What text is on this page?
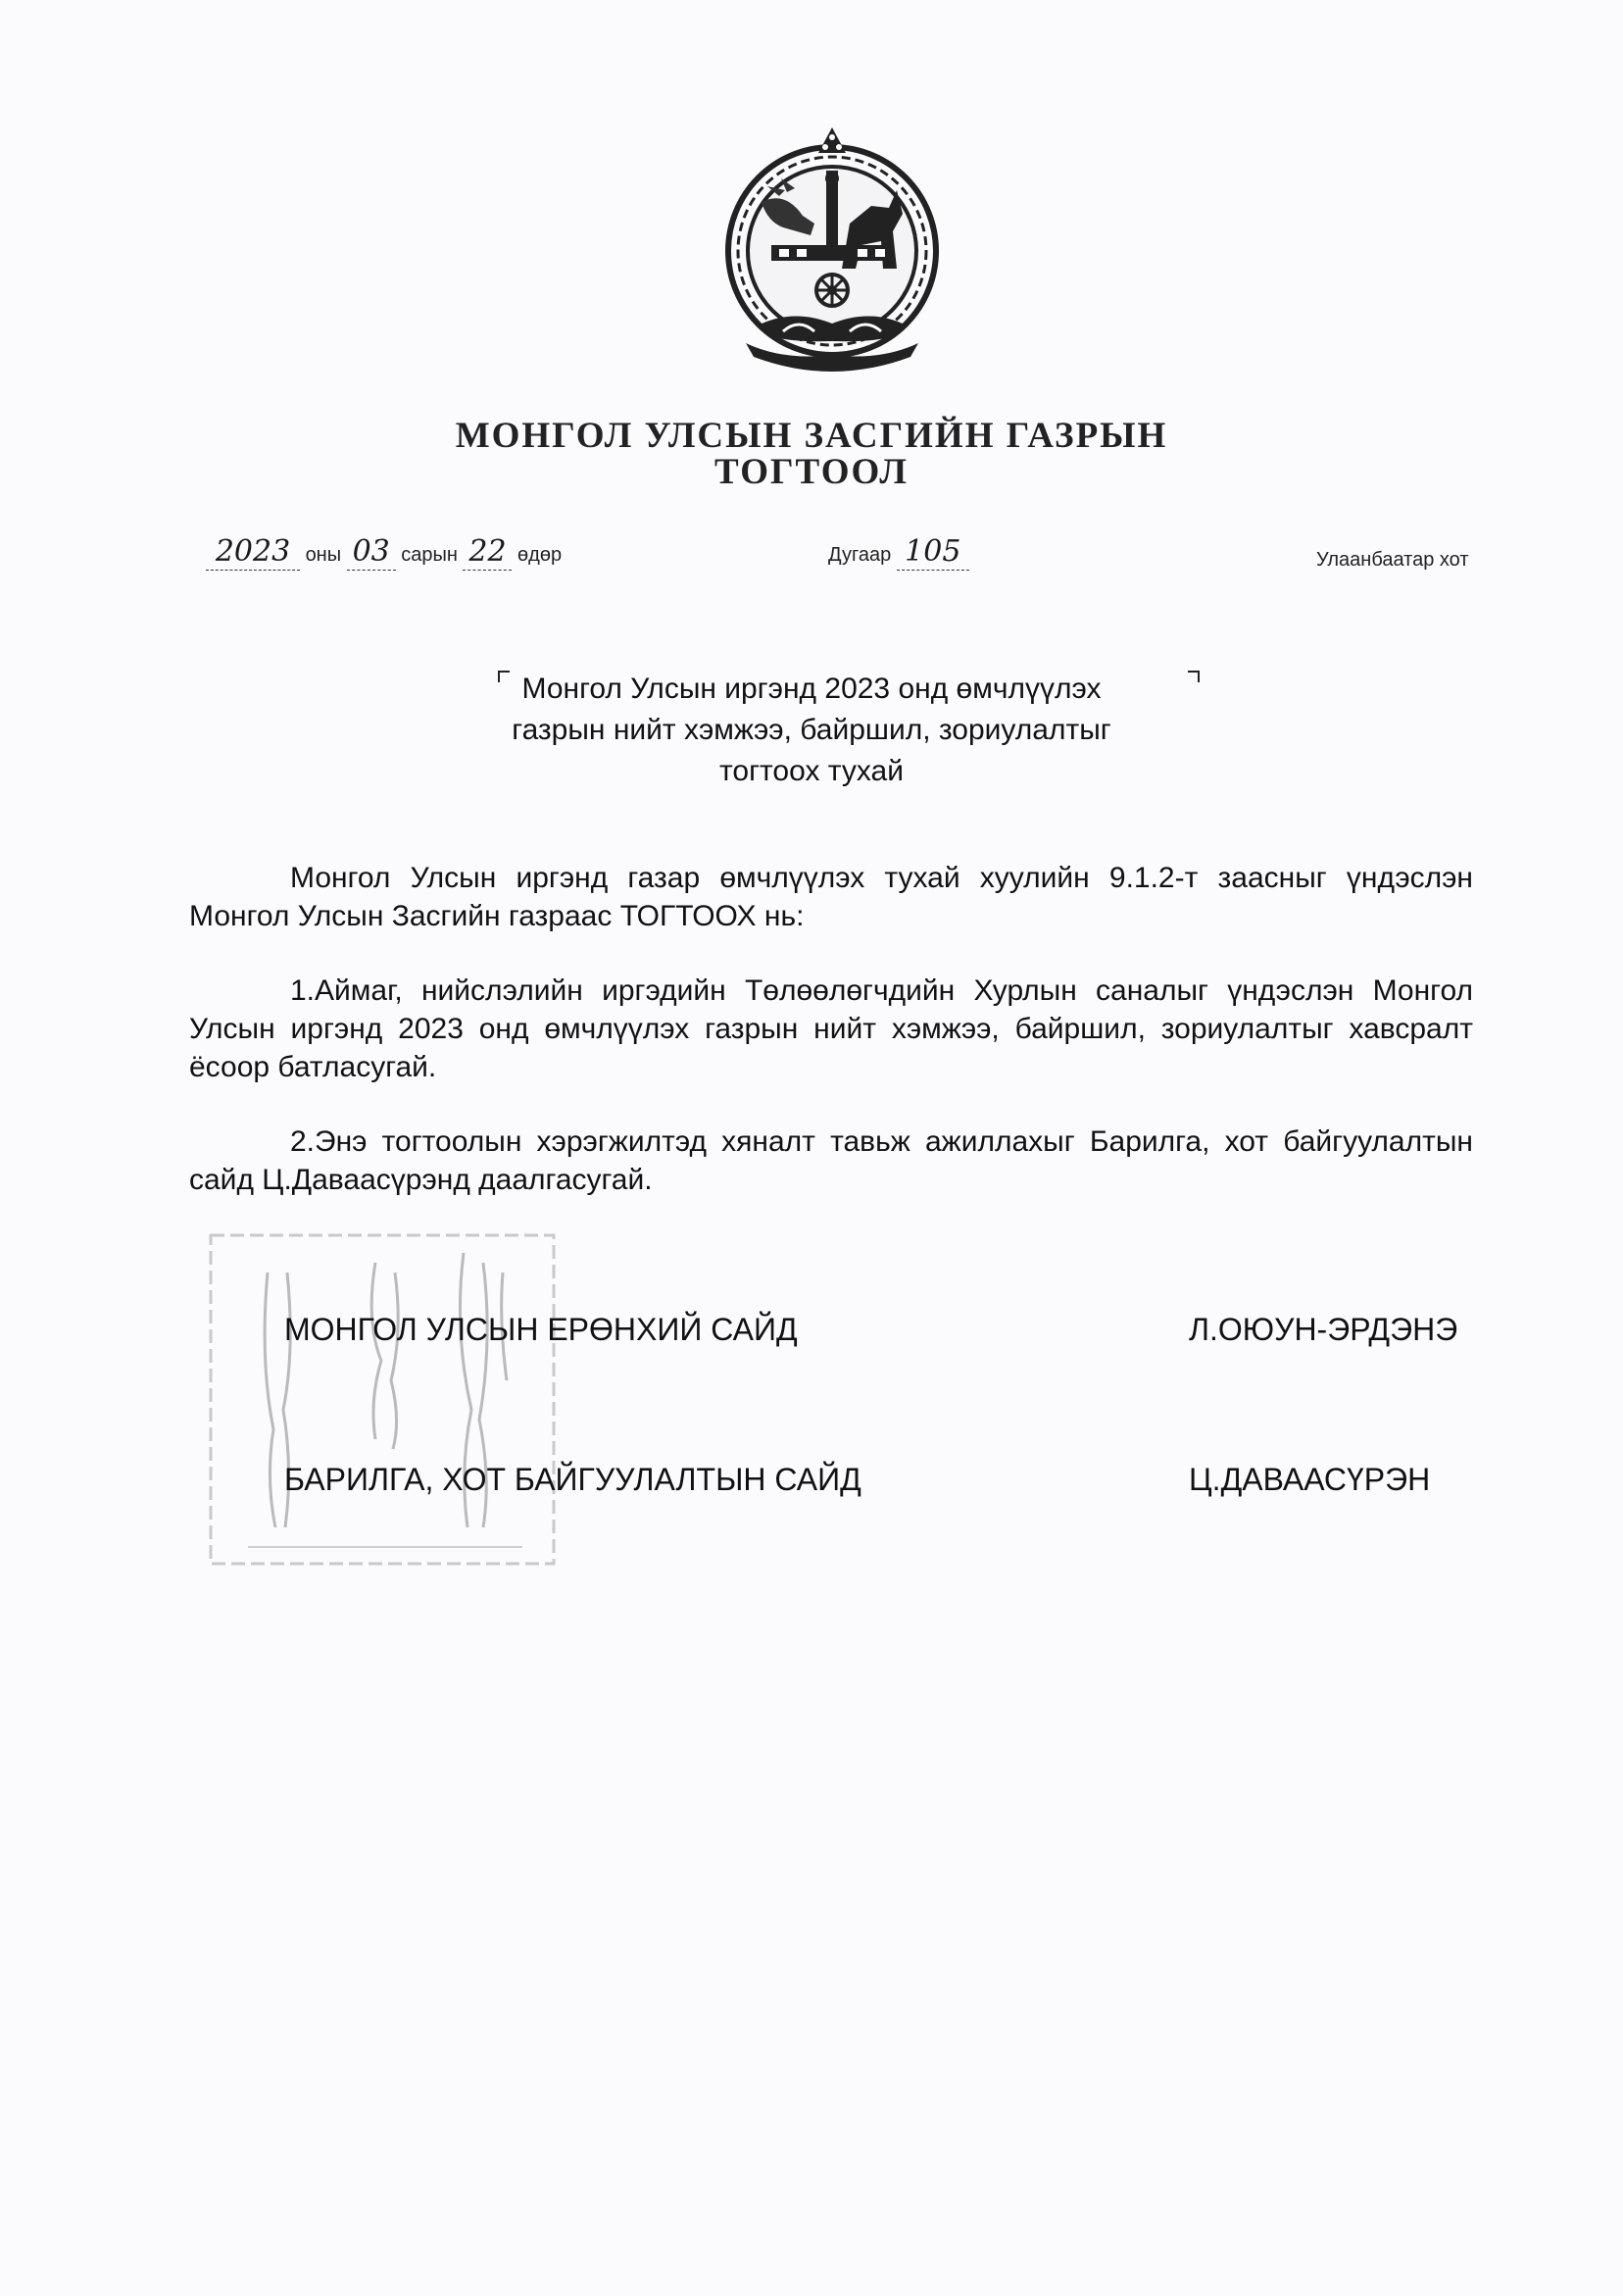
МОНГОЛ УЛСЫН ЗАСГИЙН ГАЗРЫН
ТОГТООЛ
2023 оны 03 сарын 22 өдөр	Дугаар 105	Улаанбаатар хот
Монгол Улсын иргэнд 2023 онд өмчлүүлэх
газрын нийт хэмжээ, байршил, зориулалтыг
тогтоох тухай
Монгол Улсын иргэнд газар өмчлүүлэх тухай хуулийн 9.1.2-т заасныг үндэслэн Монгол Улсын Засгийн газраас ТОГТООХ нь:
1.Аймаг, нийслэлийн иргэдийн Төлөөлөгчдийн Хурлын саналыг үндэслэн Монгол Улсын иргэнд 2023 онд өмчлүүлэх газрын нийт хэмжээ, байршил, зориулалтыг хавсралт ёсоор батлаcугай.
2.Энэ тогтоолын хэрэгжилтэд хяналт тавьж ажиллахыг Барилга, хот байгуулалтын сайд Ц.Даваасүрэнд даалгасугай.
МОНГОЛ УЛСЫН ЕРӨНХИЙ САЙД	Л.ОЮУН-ЭРДЭНЭ
БАРИЛГА, ХОТ БАЙГУУЛАЛТЫН САЙД	Ц.ДАВААСҮРЭН
